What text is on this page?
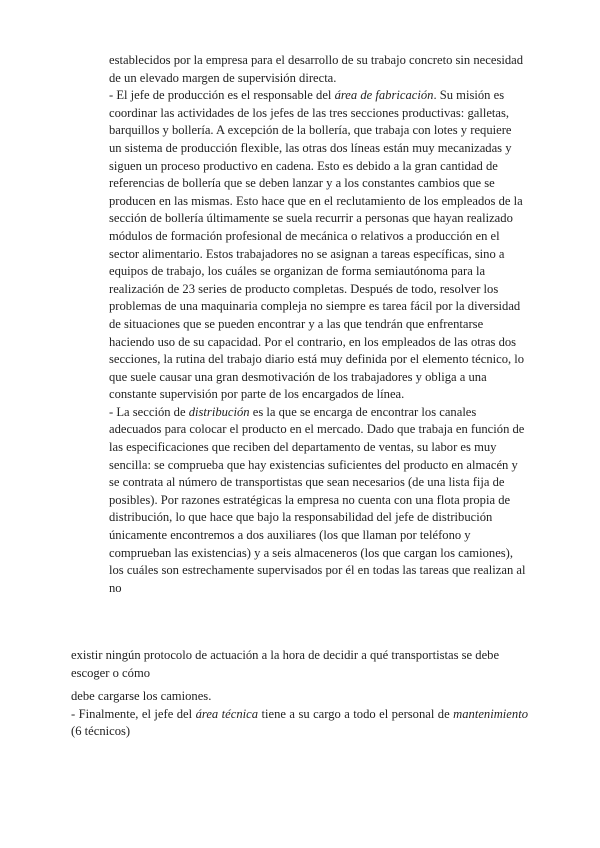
establecidos por la empresa para el desarrollo de su trabajo concreto sin necesidad de un elevado margen de supervisión directa.

- El jefe de producción es el responsable del área de fabricación. Su misión es coordinar las actividades de los jefes de las tres secciones productivas: galletas, barquillos y bollería. A excepción de la bollería, que trabaja con lotes y requiere un sistema de producción flexible, las otras dos líneas están muy mecanizadas y siguen un proceso productivo en cadena. Esto es debido a la gran cantidad de referencias de bollería que se deben lanzar y a los constantes cambios que se producen en las mismas. Esto hace que en el reclutamiento de los empleados de la sección de bollería últimamente se suela recurrir a personas que hayan realizado módulos de formación profesional de mecánica o relativos a producción en el sector alimentario. Estos trabajadores no se asignan a tareas específicas, sino a equipos de trabajo, los cuáles se organizan de forma semiautónoma para la realización de 23 series de producto completas. Después de todo, resolver los problemas de una maquinaria compleja no siempre es tarea fácil por la diversidad de situaciones que se pueden encontrar y a las que tendrán que enfrentarse haciendo uso de su capacidad. Por el contrario, en los empleados de las otras dos secciones, la rutina del trabajo diario está muy definida por el elemento técnico, lo que suele causar una gran desmotivación de los trabajadores y obliga a una constante supervisión por parte de los encargados de línea.

- La sección de distribución es la que se encarga de encontrar los canales adecuados para colocar el producto en el mercado. Dado que trabaja en función de las especificaciones que reciben del departamento de ventas, su labor es muy sencilla: se comprueba que hay existencias suficientes del producto en almacén y se contrata al número de transportistas que sean necesarios (de una lista fija de posibles). Por razones estratégicas la empresa no cuenta con una flota propia de distribución, lo que hace que bajo la responsabilidad del jefe de distribución únicamente encontremos a dos auxiliares (los que llaman por teléfono y comprueban las existencias) y a seis almaceneros (los que cargan los camiones), los cuáles son estrechamente supervisados por él en todas las tareas que realizan al no

existir ningún protocolo de actuación a la hora de decidir a qué transportistas se debe escoger o cómo

debe cargarse los camiones.

- Finalmente, el jefe del área técnica tiene a su cargo a todo el personal de mantenimiento (6 técnicos)
